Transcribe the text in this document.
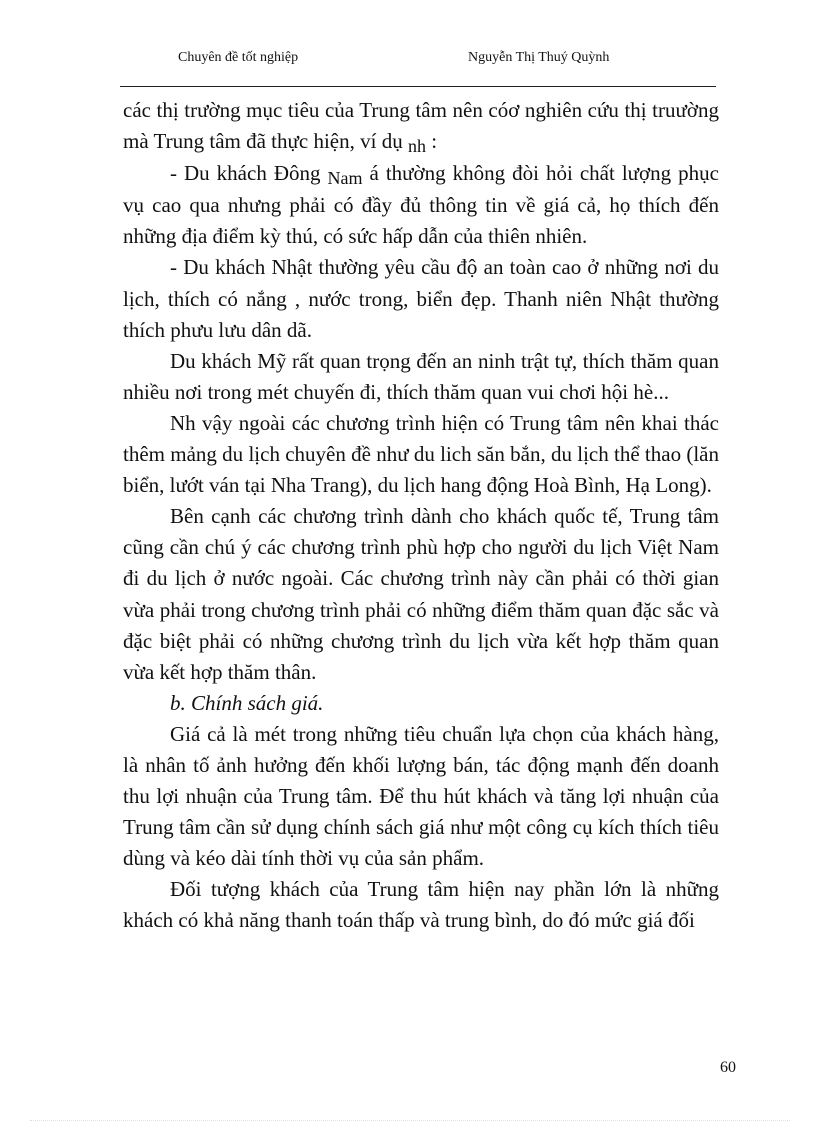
Chuyên đề tốt nghiệp	Nguyễn Thị Thuý Quỳnh

các thị trường mục tiêu của Trung tâm nên cóơ nghiên cứu thị truường mà Trung tâm đã thực hiện, ví dụ nh :

- Du khách Đông Nam á thường không đòi hỏi chất lượng phục vụ cao qua nhưng phải có đầy đủ thông tin về giá cả, họ thích đến những địa điểm kỳ thú, có sức hấp dẫn của thiên nhiên.

- Du khách Nhật thường yêu cầu độ an toàn cao ở những nơi du lịch, thích có nắng , nước trong, biển đẹp. Thanh niên Nhật thường thích phưu lưu dân dã.

Du khách Mỹ rất quan trọng đến an ninh trật tự, thích thăm quan nhiều nơi trong mét chuyến đi, thích thăm quan vui chơi hội hè...

Nh vậy ngoài các chương trình hiện có Trung tâm nên khai thác thêm mảng du lịch chuyên đề như du lich săn bắn, du lịch thể thao (lăn biển, lướt ván tại Nha Trang), du lịch hang động Hoà Bình, Hạ Long).

Bên cạnh các chương trình dành cho khách quốc tế, Trung tâm cũng cần chú ý các chương trình phù hợp cho người du lịch Việt Nam đi du lịch ở nước ngoài. Các chương trình này cần phải có thời gian vừa phải trong chương trình phải có những điểm thăm quan đặc sắc và đặc biệt phải có những chương trình du lịch vừa kết hợp thăm quan vừa kết hợp thăm thân.

b. Chính sách giá.

Giá cả là mét trong những tiêu chuẩn lựa chọn của khách hàng, là nhân tố ảnh hưởng đến khối lượng bán, tác động mạnh đến doanh thu lợi nhuận của Trung tâm. Để thu hút khách và tăng lợi nhuận của Trung tâm cần sử dụng chính sách giá như một công cụ kích thích tiêu dùng và kéo dài tính thời vụ của sản phẩm.

Đối tượng khách của Trung tâm hiện nay phần lớn là những khách có khả năng thanh toán thấp và trung bình, do đó mức giá đối

60
